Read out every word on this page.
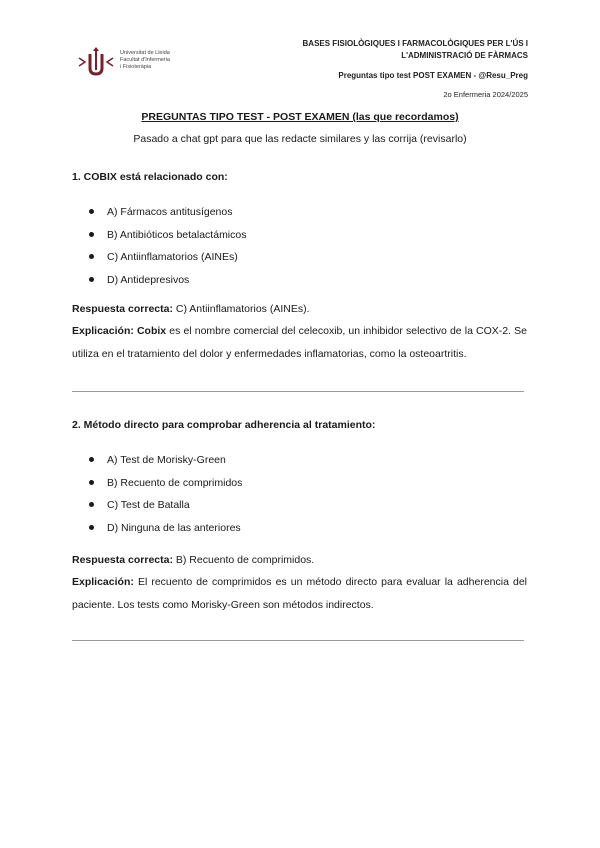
Universitat de Lleida
Facultat d'Infermeria
i Fisioteràpia
BASES FISIOLÒGIQUES I FARMACOLÒGIQUES PER L'ÚS I
L'ADMINISTRACIÓ DE FÀRMACS
Preguntas tipo test POST EXAMEN - @Resu_Preg
2o Enfermeria 2024/2025
PREGUNTAS TIPO TEST - POST EXAMEN (las que recordamos)
Pasado a chat gpt para que las redacte similares y las corrija (revisarlo)
1. COBIX está relacionado con:
A) Fármacos antitusígenos
B) Antibióticos betalactámicos
C) Antiinflamatorios (AINEs)
D) Antidepresivos
Respuesta correcta: C) Antiinflamatorios (AINEs).
Explicación: Cobix es el nombre comercial del celecoxib, un inhibidor selectivo de la COX-2. Se utiliza en el tratamiento del dolor y enfermedades inflamatorias, como la osteoartritis.
2. Método directo para comprobar adherencia al tratamiento:
A) Test de Morisky-Green
B) Recuento de comprimidos
C) Test de Batalla
D) Ninguna de las anteriores
Respuesta correcta: B) Recuento de comprimidos.
Explicación: El recuento de comprimidos es un método directo para evaluar la adherencia del paciente. Los tests como Morisky-Green son métodos indirectos.
